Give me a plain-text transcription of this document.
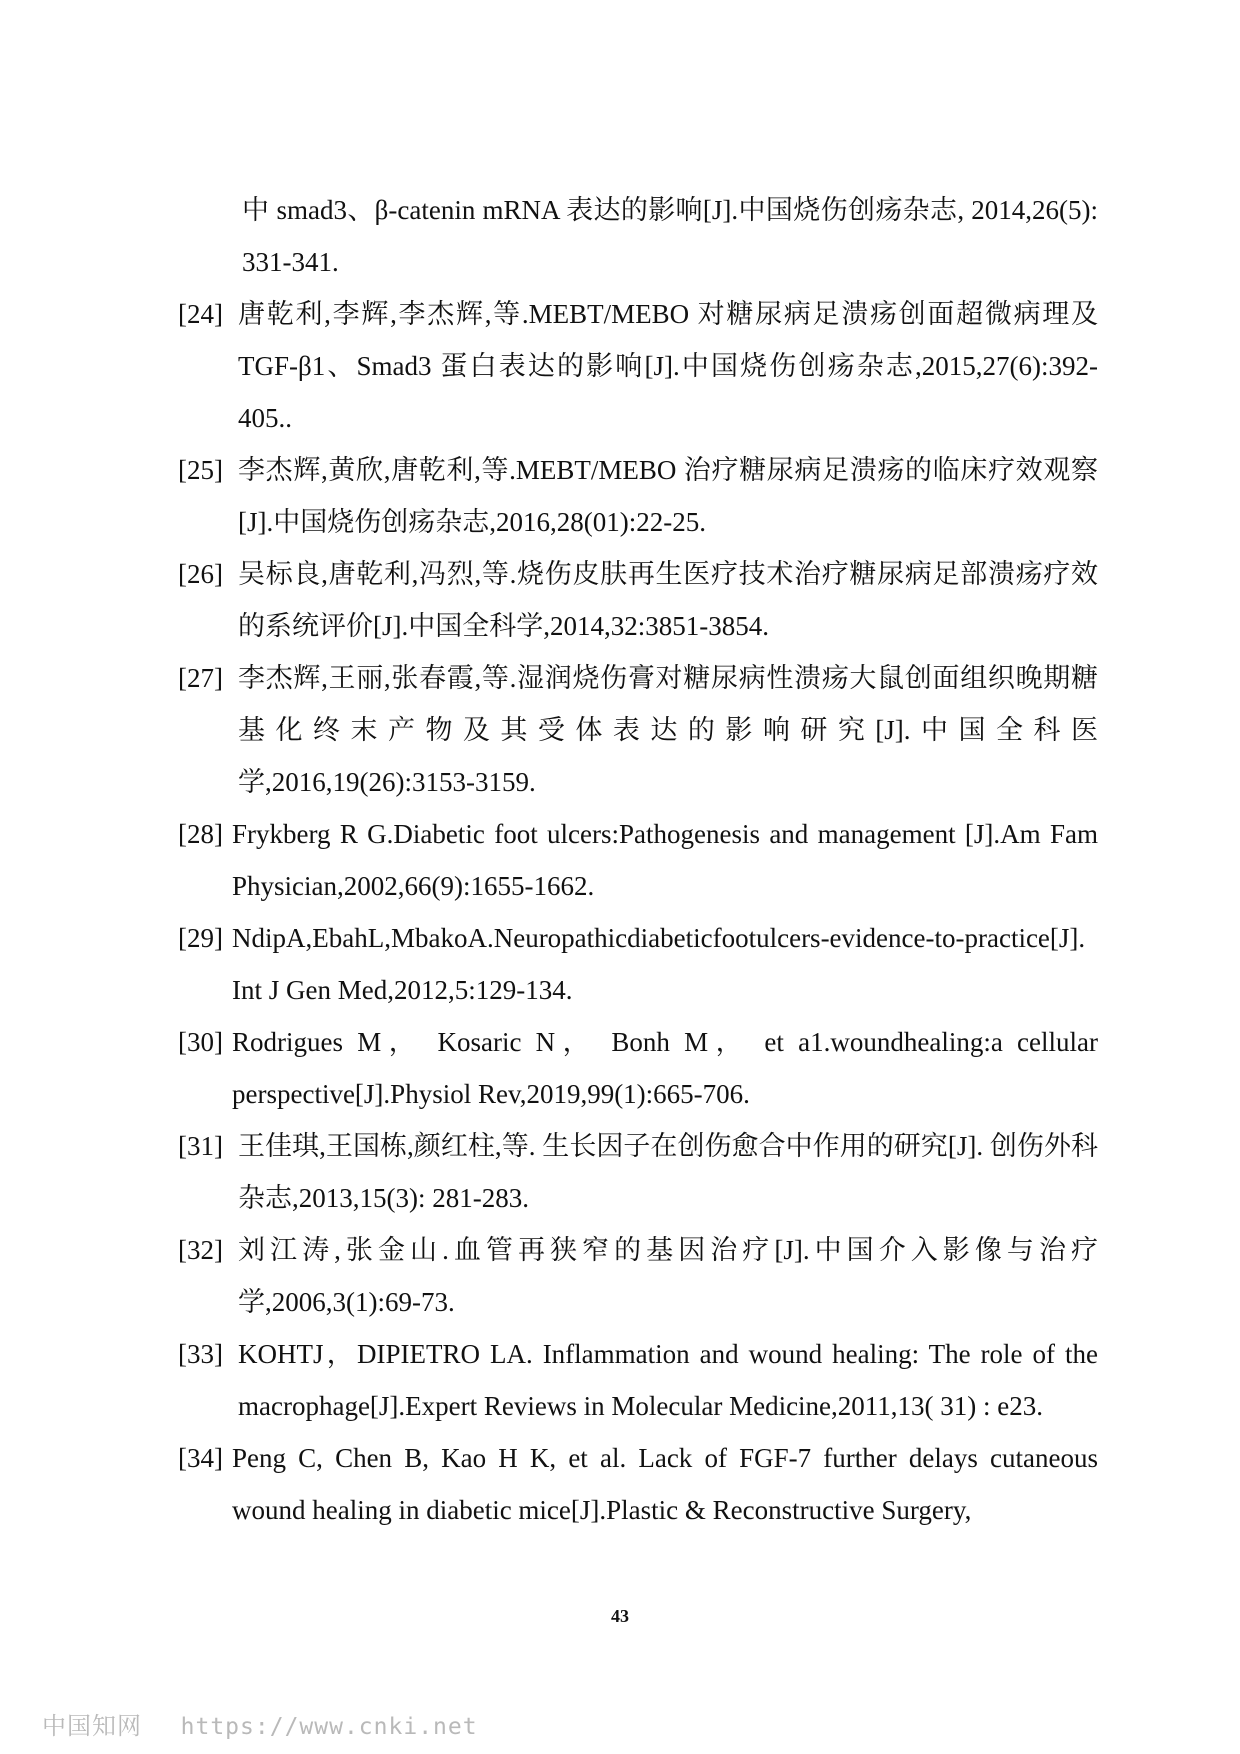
中 smad3、β-catenin mRNA 表达的影响[J].中国烧伤创疡杂志, 2014,26(5): 331-341.
[24] 唐乾利,李辉,李杰辉,等.MEBT/MEBO 对糖尿病足溃疡创面超微病理及 TGF-β1、Smad3 蛋白表达的影响[J].中国烧伤创疡杂志,2015,27(6):392-405..
[25] 李杰辉,黄欣,唐乾利,等.MEBT/MEBO 治疗糖尿病足溃疡的临床疗效观察[J].中国烧伤创疡杂志,2016,28(01):22-25.
[26] 吴标良,唐乾利,冯烈,等.烧伤皮肤再生医疗技术治疗糖尿病足部溃疡疗效的系统评价[J].中国全科学,2014,32:3851-3854.
[27] 李杰辉,王丽,张春霞,等.湿润烧伤膏对糖尿病性溃疡大鼠创面组织晚期糖基化终末产物及其受体表达的影响研究[J].中国全科医学,2016,19(26):3153-3159.
[28] Frykberg R G.Diabetic foot ulcers:Pathogenesis and management [J].Am Fam Physician,2002,66(9):1655-1662.
[29] NdipA,EbahL,MbakoA.Neuropathicdiabeticfootulcers-evidence-to-practice[J]. Int J Gen Med,2012,5:129-134.
[30] Rodrigues M， Kosaric N， Bonh M， et a1.woundhealing:a cellular perspective[J].Physiol Rev,2019,99(1):665-706.
[31] 王佳琪,王国栋,颜红柱,等. 生长因子在创伤愈合中作用的研究[J]. 创伤外科杂志,2013,15(3): 281-283.
[32] 刘江涛,张金山.血管再狭窄的基因治疗[J].中国介入影像与治疗学,2006,3(1):69-73.
[33] KOHTJ，DIPIETRO LA. Inflammation and wound healing: The role of the macrophage[J].Expert Reviews in Molecular Medicine,2011,13( 31) : e23.
[34] Peng C, Chen B, Kao H K, et al. Lack of FGF-7 further delays cutaneous wound healing in diabetic mice[J].Plastic & Reconstructive Surgery,
43
中国知网 https://www.cnki.net
